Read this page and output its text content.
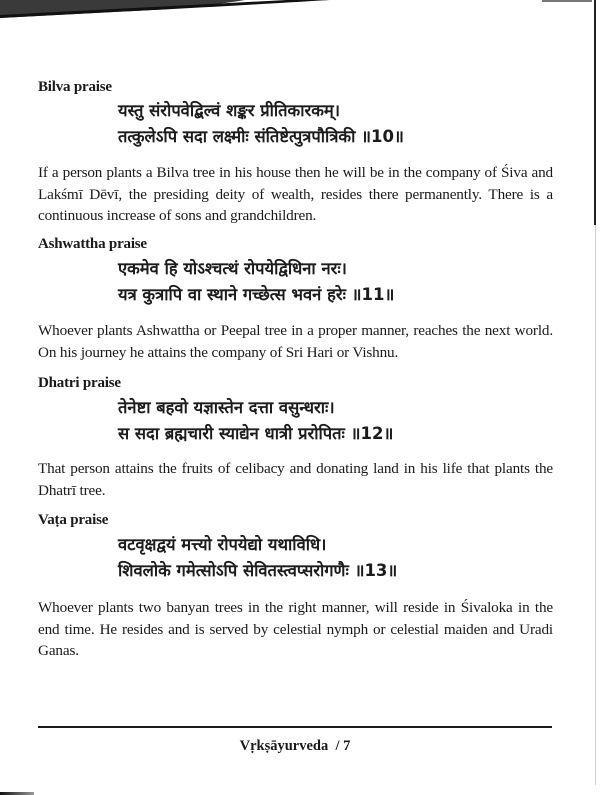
Bilva praise
यस्तु संरोपवेद्बिल्वं शङ्कर प्रीतिकारकम्।
तत्कुलेऽपि सदा लक्ष्मीः संतिष्टेत्पुत्रपौत्रिकी ॥10॥
If a person plants a Bilva tree in his house then he will be in the company of Śiva and Lakśmī Dēvī, the presiding deity of wealth, resides there permanently. There is a continuous increase of sons and grandchildren.
Ashwattha praise
एकमेव हि योऽश्चत्थं रोपयेद्विधिना नरः।
यत्र कुत्रापि वा स्थाने गच्छेत्स भवनं हरेः ॥11॥
Whoever plants Ashwattha or Peepal tree in a proper manner, reaches the next world. On his journey he attains the company of Sri Hari or Vishnu.
Dhatri praise
तेनेष्टा बहवो यज्ञास्तेन दत्ता वसुन्धराः।
स सदा ब्रह्मचारी स्याद्येन धात्री प्ररोपितः ॥12॥
That person attains the fruits of celibacy and donating land in his life that plants the Dhatrī tree.
Vaṭa praise
वटवृक्षद्वयं मत्त्यो रोपयेद्यो यथाविधि।
शिवलोके गमेत्सोऽपि सेवितस्त्वप्सरोगणैः ॥13॥
Whoever plants two banyan trees in the right manner, will reside in Śivaloka in the end time. He resides and is served by celestial nymph or celestial maiden and Uradi Ganas.
Vṛkṣāyurveda  / 7
